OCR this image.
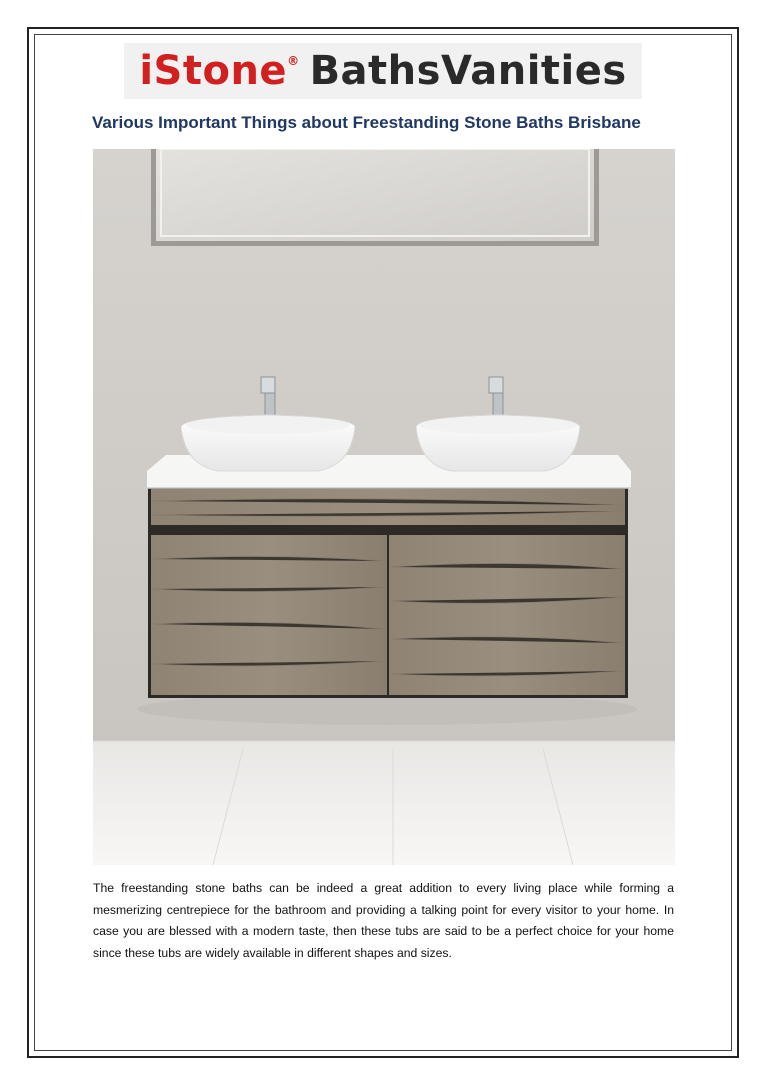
iStone ® BathsVanities
Various Important Things about Freestanding Stone Baths Brisbane
The freestanding stone baths can be indeed a great addition to every living place while forming a mesmerizing centrepiece for the bathroom and providing a talking point for every visitor to your home. In case you are blessed with a modern taste, then these tubs are said to be a perfect choice for your home since these tubs are widely available in different shapes and sizes.
